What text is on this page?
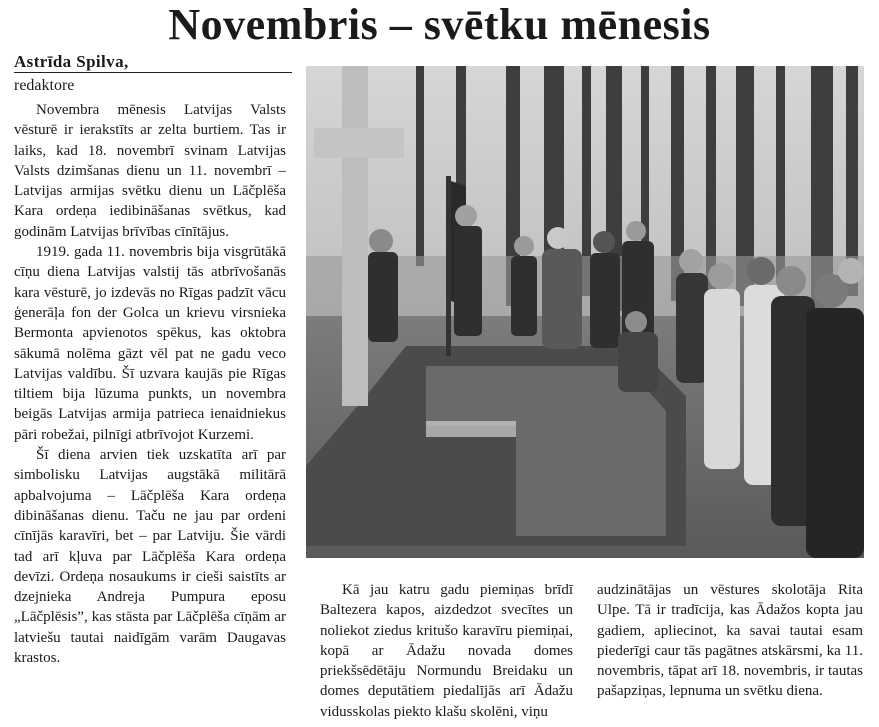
Novembris – svētku mēnesis
Astrīda Spilva,
redaktore

Novembra mēnesis Latvijas Valsts vēsturē ir ierakstīts ar zelta burtiem. Tas ir laiks, kad 18. novembrī svinam Latvijas Valsts dzimšanas dienu un 11. novembrī – Latvijas armijas svētku dienu un Lāčplēša Kara ordeņa iedibināšanas svētkus, kad godinām Latvijas brīvības cīnītājus.

1919. gada 11. novembris bija visgrūtākā cīņu diena Latvijas valstij tās atbrīvošanās kara vēsturē, jo izdevās no Rīgas padzīt vācu ģenerāļa fon der Golca un krievu virsnieka Bermonta apvienotos spēkus, kas oktobra sākumā nolēma gāzt vēl pat ne gadu veco Latvijas valdību. Šī uzvara kaujās pie Rīgas tiltiem bija lūzuma punkts, un novembra beigās Latvijas armija patrieca ienaidniekus pāri robežai, pilnīgi atbrīvojot Kurzemi.

Šī diena arvien tiek uzskatīta arī par simbolisku Latvijas augstākā militārā apbalvojuma – Lāčplēša Kara ordeņa dibināšanas dienu. Taču ne jau par ordeni cīnījās karavīri, bet – par Latviju. Šie vārdi tad arī kļuva par Lāčplēša Kara ordeņa devīzi. Ordeņa nosaukums ir cieši saistīts ar dzejnieka Andreja Pumpura eposu „Lāčplēsis”, kas stāsta par Lāčplēša cīņām ar latviešu tautai naidīgām varām Daugavas krastos.

Kā jau katru gadu piemiņas brīdī Baltezera kapos, aizdedzot svecītes un noliekot ziedus kritušo karavīru piemiņai, kopā ar Ādažu novada domes priekšsēdētāju Normundu Breidaku un domes deputātiem piedalījās arī Ādažu vidusskolas piekto klašu skolēni, viņu

audzinātājas un vēstures skolotāja Rita Ulpe. Tā ir tradīcija, kas Ādažos kopta jau gadiem, apliecinot, ka savai tautai esam piederīgi caur tās pagātnes atskārsmi, ka 11. novembris, tāpat arī 18. novembris, ir tautas pašapziņas, lepnuma un svētku diena.
